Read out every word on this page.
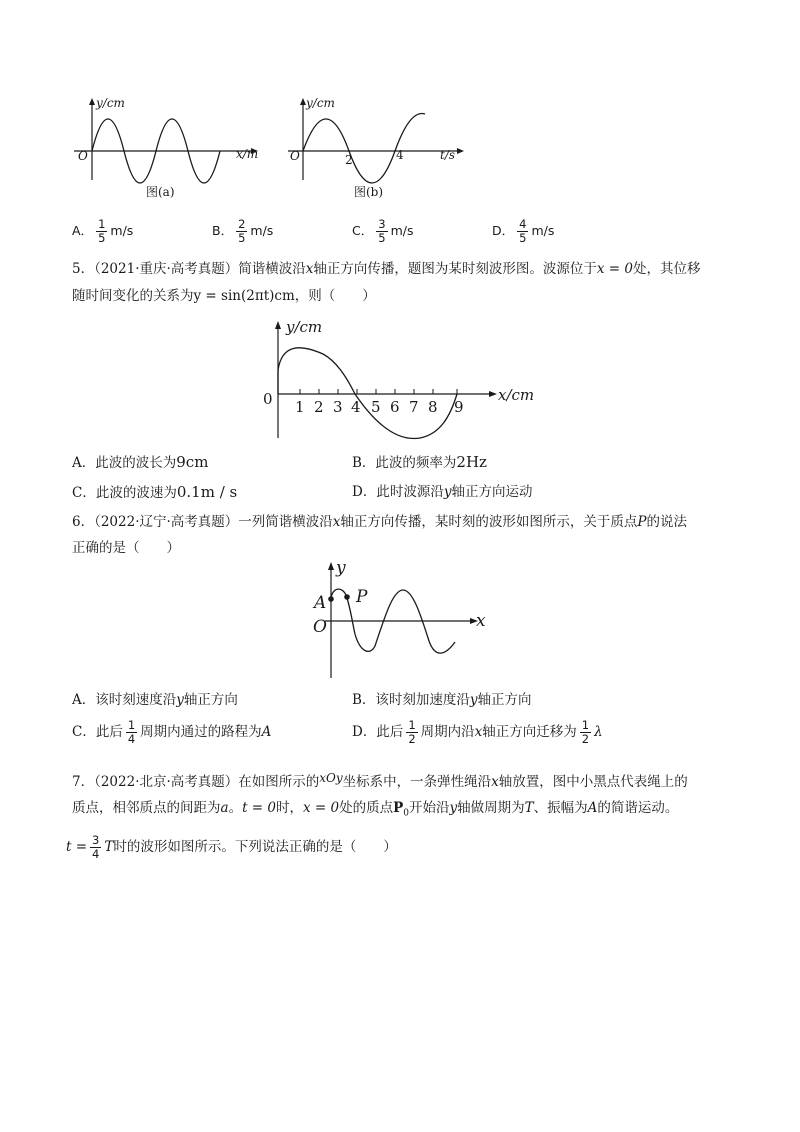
y/cm
x/m
O
图(a)
y/cm
t/s
O	2	4
图(b)
A． $\frac{1}{5} m/s$	B． $\frac{2}{5} m/s$	C． $\frac{3}{5} m/s$	D． $\frac{4}{5} m/s$
5．（2021·重庆·高考真题）简谐横波沿x轴正方向传播，题图为某时刻波形图。波源位于x = 0处，其位移
随时间变化的关系为y = sin(2πt)cm，则（　　）
y/cm
x/cm
0 1 2 3 4 5 6 7 8 9
A．此波的波长为9cm	B．此波的频率为2Hz
C．此波的波速为0.1m / s	D．此时波源沿y轴正方向运动
6．（2022·辽宁·高考真题）一列简谐横波沿x轴正方向传播，某时刻的波形如图所示，关于质点P的说法
正确的是（　　）
y
x
O
A P
A．该时刻速度沿y轴正方向	B．该时刻加速度沿y轴正方向
C．此后 $\frac{1}{4}$ 周期内通过的路程为A	D．此后 $\frac{1}{2}$ 周期内沿x轴正方向迁移为 $\frac{1}{2}$ λ
7．（2022·北京·高考真题）在如图所示的xOy坐标系中，一条弹性绳沿x轴放置，图中小黑点代表绳上的
质点，相邻质点的间距为a。t = 0时，x = 0处的质点$P_0$开始沿y轴做周期为T、振幅为A的简谐运动。
$t = \frac{3}{4}$ T时的波形如图所示。下列说法正确的是（　　）
